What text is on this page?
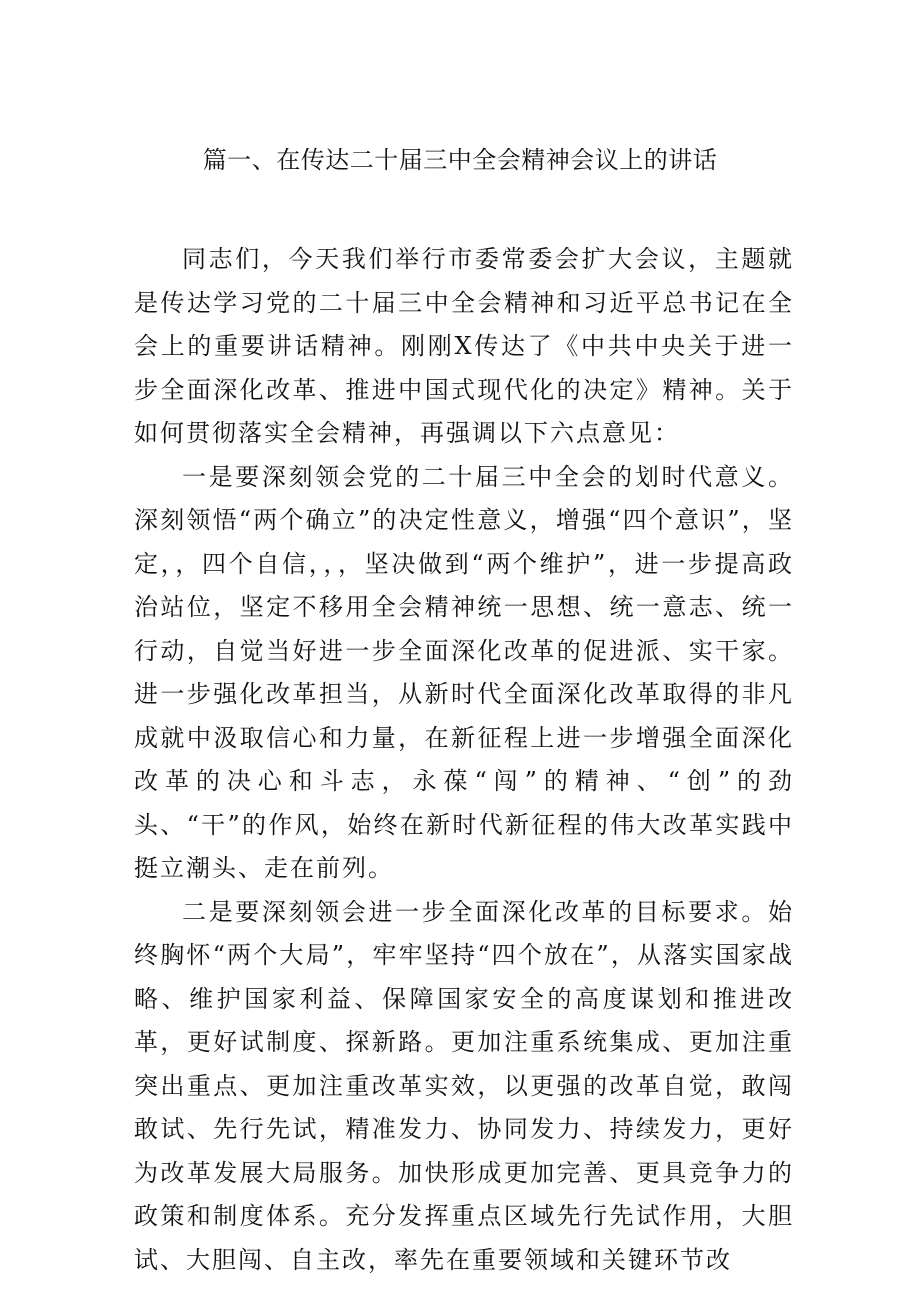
篇一、在传达二十届三中全会精神会议上的讲话

同志们，今天我们举行市委常委会扩大会议，主题就是传达学习党的二十届三中全会精神和习近平总书记在全会上的重要讲话精神。刚刚X传达了《中共中央关于进一步全面深化改革、推进中国式现代化的决定》精神。关于如何贯彻落实全会精神，再强调以下六点意见：

一是要深刻领会党的二十届三中全会的划时代意义。深刻领悟“两个确立”的决定性意义，增强“四个意识”，坚定，，四个自信，，，坚决做到“两个维护”，进一步提高政治站位，坚定不移用全会精神统一思想、统一意志、统一行动，自觉当好进一步全面深化改革的促进派、实干家。进一步强化改革担当，从新时代全面深化改革取得的非凡成就中汲取信心和力量，在新征程上进一步增强全面深化改革的决心和斗志，永葆“闯”的精神、“创”的劲头、“干”的作风，始终在新时代新征程的伟大改革实践中挺立潮头、走在前列。

二是要深刻领会进一步全面深化改革的目标要求。始终胸怀“两个大局”，牢牢坚持“四个放在”，从落实国家战略、维护国家利益、保障国家安全的高度谋划和推进改革，更好试制度、探新路。更加注重系统集成、更加注重突出重点、更加注重改革实效，以更强的改革自觉，敢闯敢试、先行先试，精准发力、协同发力、持续发力，更好为改革发展大局服务。加快形成更加完善、更具竞争力的政策和制度体系。充分发挥重点区域先行先试作用，大胆试、大胆闯、自主改，率先在重要领域和关键环节改
